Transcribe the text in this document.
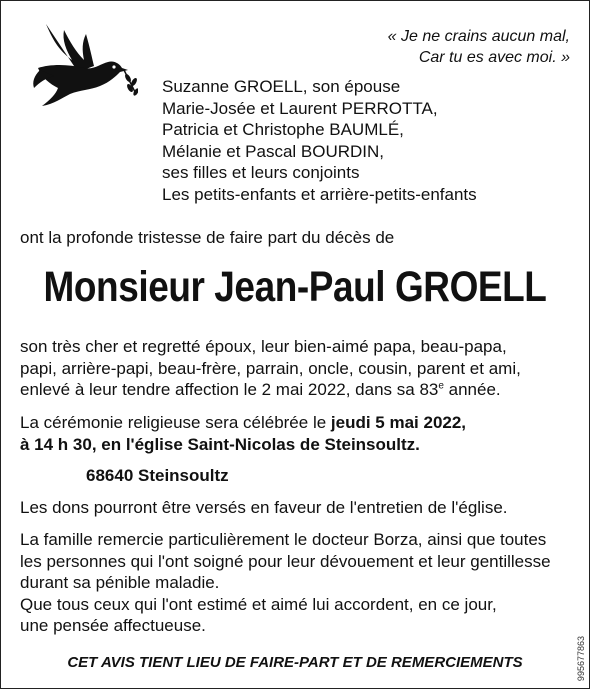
« Je ne crains aucun mal,
Car tu es avec moi. »
Suzanne GROELL, son épouse
Marie-Josée et Laurent PERROTTA,
Patricia et Christophe BAUMLÉ,
Mélanie et Pascal BOURDIN,
ses filles et leurs conjoints
Les petits-enfants et arrière-petits-enfants
ont la profonde tristesse de faire part du décès de
Monsieur Jean-Paul GROELL
son très cher et regretté époux, leur bien-aimé papa, beau-papa,
papi, arrière-papi, beau-frère, parrain, oncle, cousin, parent et ami,
enlevé à leur tendre affection le 2 mai 2022, dans sa 83e année.
La cérémonie religieuse sera célébrée le jeudi 5 mai 2022,
à 14 h 30, en l'église Saint-Nicolas de Steinsoultz.
68640 Steinsoultz
Les dons pourront être versés en faveur de l'entretien de l'église.
La famille remercie particulièrement le docteur Borza, ainsi que toutes
les personnes qui l'ont soigné pour leur dévouement et leur gentillesse
durant sa pénible maladie.
Que tous ceux qui l'ont estimé et aimé lui accordent, en ce jour,
une pensée affectueuse.
CET AVIS TIENT LIEU DE FAIRE-PART ET DE REMERCIEMENTS	995677863
